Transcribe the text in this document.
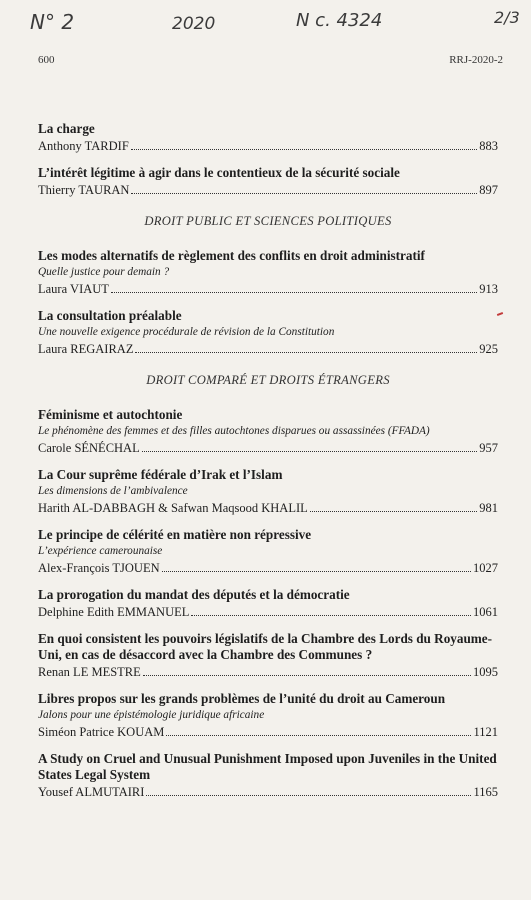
N° 2	2020	N c. 4324	2/3
600	RRJ-2020-2
La charge
Anthony TARDIF	883
L’intérêt légitime à agir dans le contentieux de la sécurité sociale
Thierry TAURAN	897
DROIT PUBLIC ET SCIENCES POLITIQUES
Les modes alternatifs de règlement des conflits en droit administratif
Quelle justice pour demain ?
Laura VIAUT	913
La consultation préalable
Une nouvelle exigence procédurale de révision de la Constitution
Laura REGAIRAZ	925
DROIT COMPARÉ ET DROITS ÉTRANGERS
Féminisme et autochtonie
Le phénomène des femmes et des filles autochtones disparues ou assassinées (FFADA)
Carole SÉNÉCHAL	957
La Cour suprême fédérale d’Irak et l’Islam
Les dimensions de l’ambivalence
Harith AL-DABBAGH & Safwan Maqsood KHALIL	981
Le principe de célérité en matière non répressive
L’expérience camerounaise
Alex-François TJOUEN	1027
La prorogation du mandat des députés et la démocratie
Delphine Edith EMMANUEL	1061
En quoi consistent les pouvoirs législatifs de la Chambre des Lords du Royaume-Uni, en cas de désaccord avec la Chambre des Communes ?
Renan LE MESTRE	1095
Libres propos sur les grands problèmes de l’unité du droit au Cameroun
Jalons pour une épistémologie juridique africaine
Siméon Patrice KOUAM	1121
A Study on Cruel and Unusual Punishment Imposed upon Juveniles in the United States Legal System
Yousef ALMUTAIRI	1165
